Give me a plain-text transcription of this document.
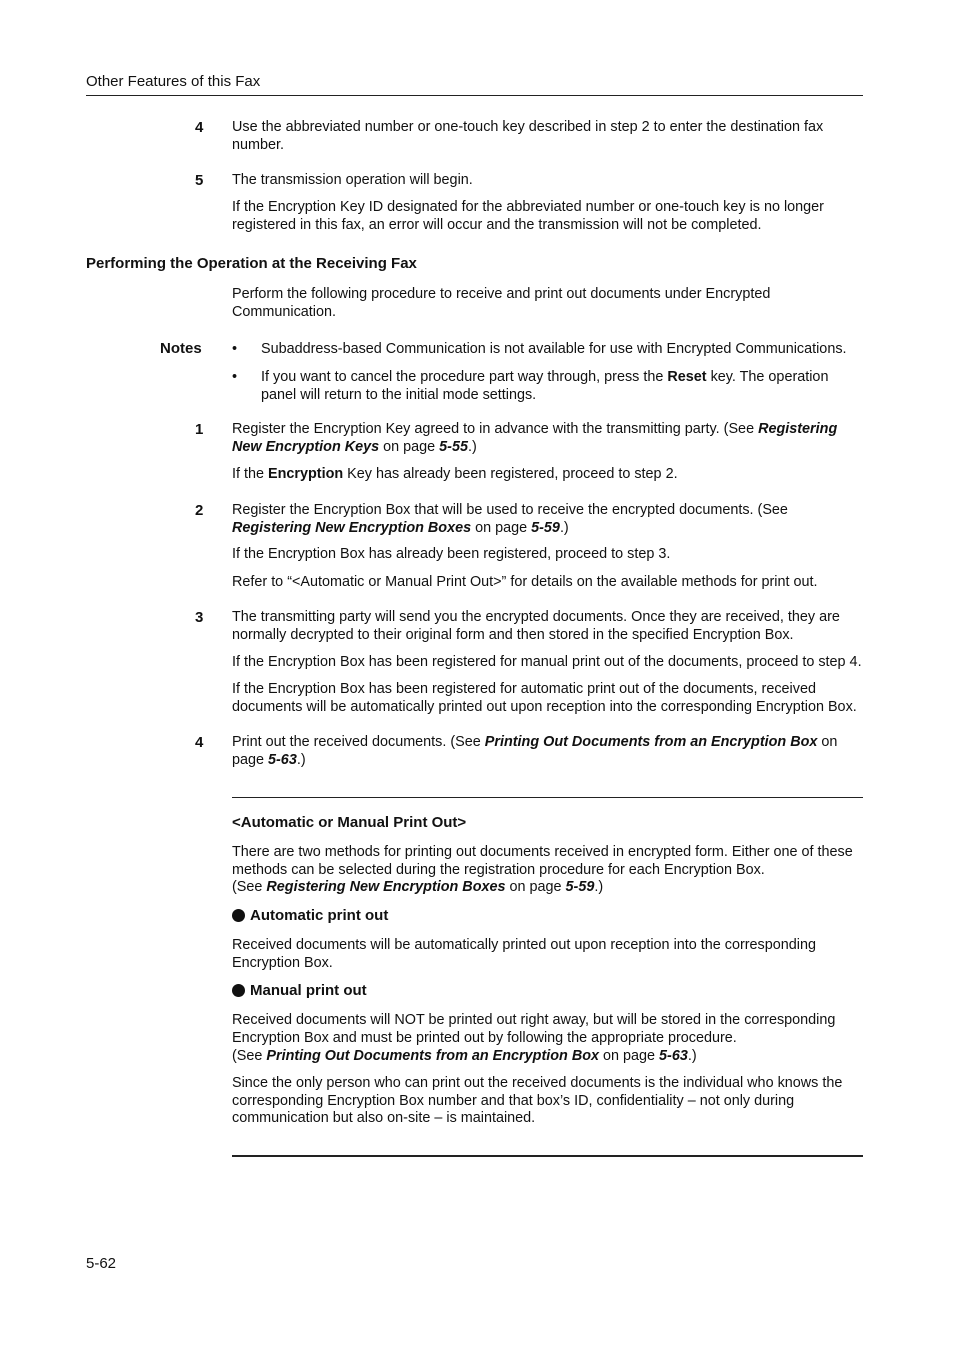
Other Features of this Fax
4 Use the abbreviated number or one-touch key described in step 2 to enter the destination fax number.

5 The transmission operation will begin.

If the Encryption Key ID designated for the abbreviated number or one-touch key is no longer registered in this fax, an error will occur and the transmission will not be completed.

Performing the Operation at the Receiving Fax

Perform the following procedure to receive and print out documents under Encrypted Communication.

Notes • Subaddress-based Communication is not available for use with Encrypted Communications.

• If you want to cancel the procedure part way through, press the Reset key. The operation panel will return to the initial mode settings.

1 Register the Encryption Key agreed to in advance with the transmitting party. (See Registering New Encryption Keys on page 5-55.)

If the Encryption Key has already been registered, proceed to step 2.

2 Register the Encryption Box that will be used to receive the encrypted documents. (See Registering New Encryption Boxes on page 5-59.)

If the Encryption Box has already been registered, proceed to step 3.

Refer to “<Automatic or Manual Print Out>” for details on the available methods for print out.

3 The transmitting party will send you the encrypted documents. Once they are received, they are normally decrypted to their original form and then stored in the specified Encryption Box.

If the Encryption Box has been registered for manual print out of the documents, proceed to step 4.

If the Encryption Box has been registered for automatic print out of the documents, received documents will be automatically printed out upon reception into the corresponding Encryption Box.

4 Print out the received documents. (See Printing Out Documents from an Encryption Box on page 5-63.)

<Automatic or Manual Print Out>

There are two methods for printing out documents received in encrypted form. Either one of these methods can be selected during the registration procedure for each Encryption Box.

(See Registering New Encryption Boxes on page 5-59.)

Automatic print out

Received documents will be automatically printed out upon reception into the corresponding Encryption Box.

Manual print out

Received documents will NOT be printed out right away, but will be stored in the corresponding Encryption Box and must be printed out by following the appropriate procedure.

(See Printing Out Documents from an Encryption Box on page 5-63.)

Since the only person who can print out the received documents is the individual who knows the corresponding Encryption Box number and that box’s ID, confidentiality – not only during communication but also on-site – is maintained.

5-62
